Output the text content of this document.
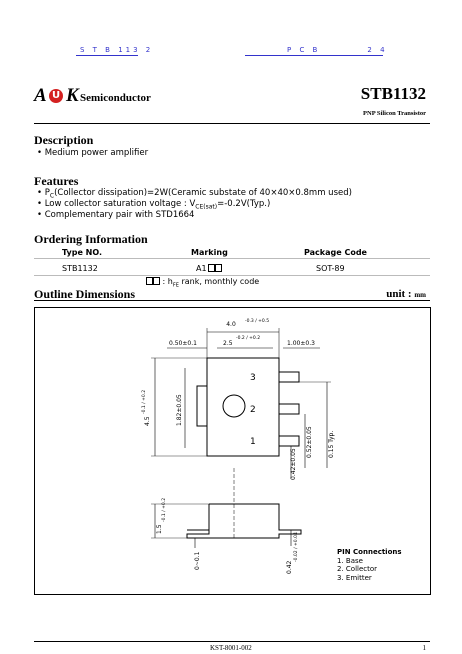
S T B 113 2	P C B         2 4
A U K Semiconductor	STB1132
PNP Silicon Transistor
Description
• Medium power amplifier
Features
• $P_C(Collector$ dissipation)=2W(Ceramic substate of 40×40×0.8mm used)
• Low collector saturation voltage : $V_{CE(sat)}=-0.2V(Typ.)$
• Complementary pair with STD1664
Ordering Information
Type NO.	Marking	Package Code
STB1132	A1	SOT-89
: $h_{FE}$ rank, monthly code
Outline Dimensions	unit : mm
3
2
1
4.0 -0.3 / +0.5
0.50±0.1	2.5
-0.2 / +0.2
1.00±0.3
4.5
-0.1 / +0.2	1.82±0.05
0.52±0.05	0.15 Typ.
0.42±0.05
1.5
-0.1 / +0.2
0~0.1	0.42
-0.02 / +0.04	PIN Connections
1. Base
2. Collector
3. Emitter
KST-8001-002	1
